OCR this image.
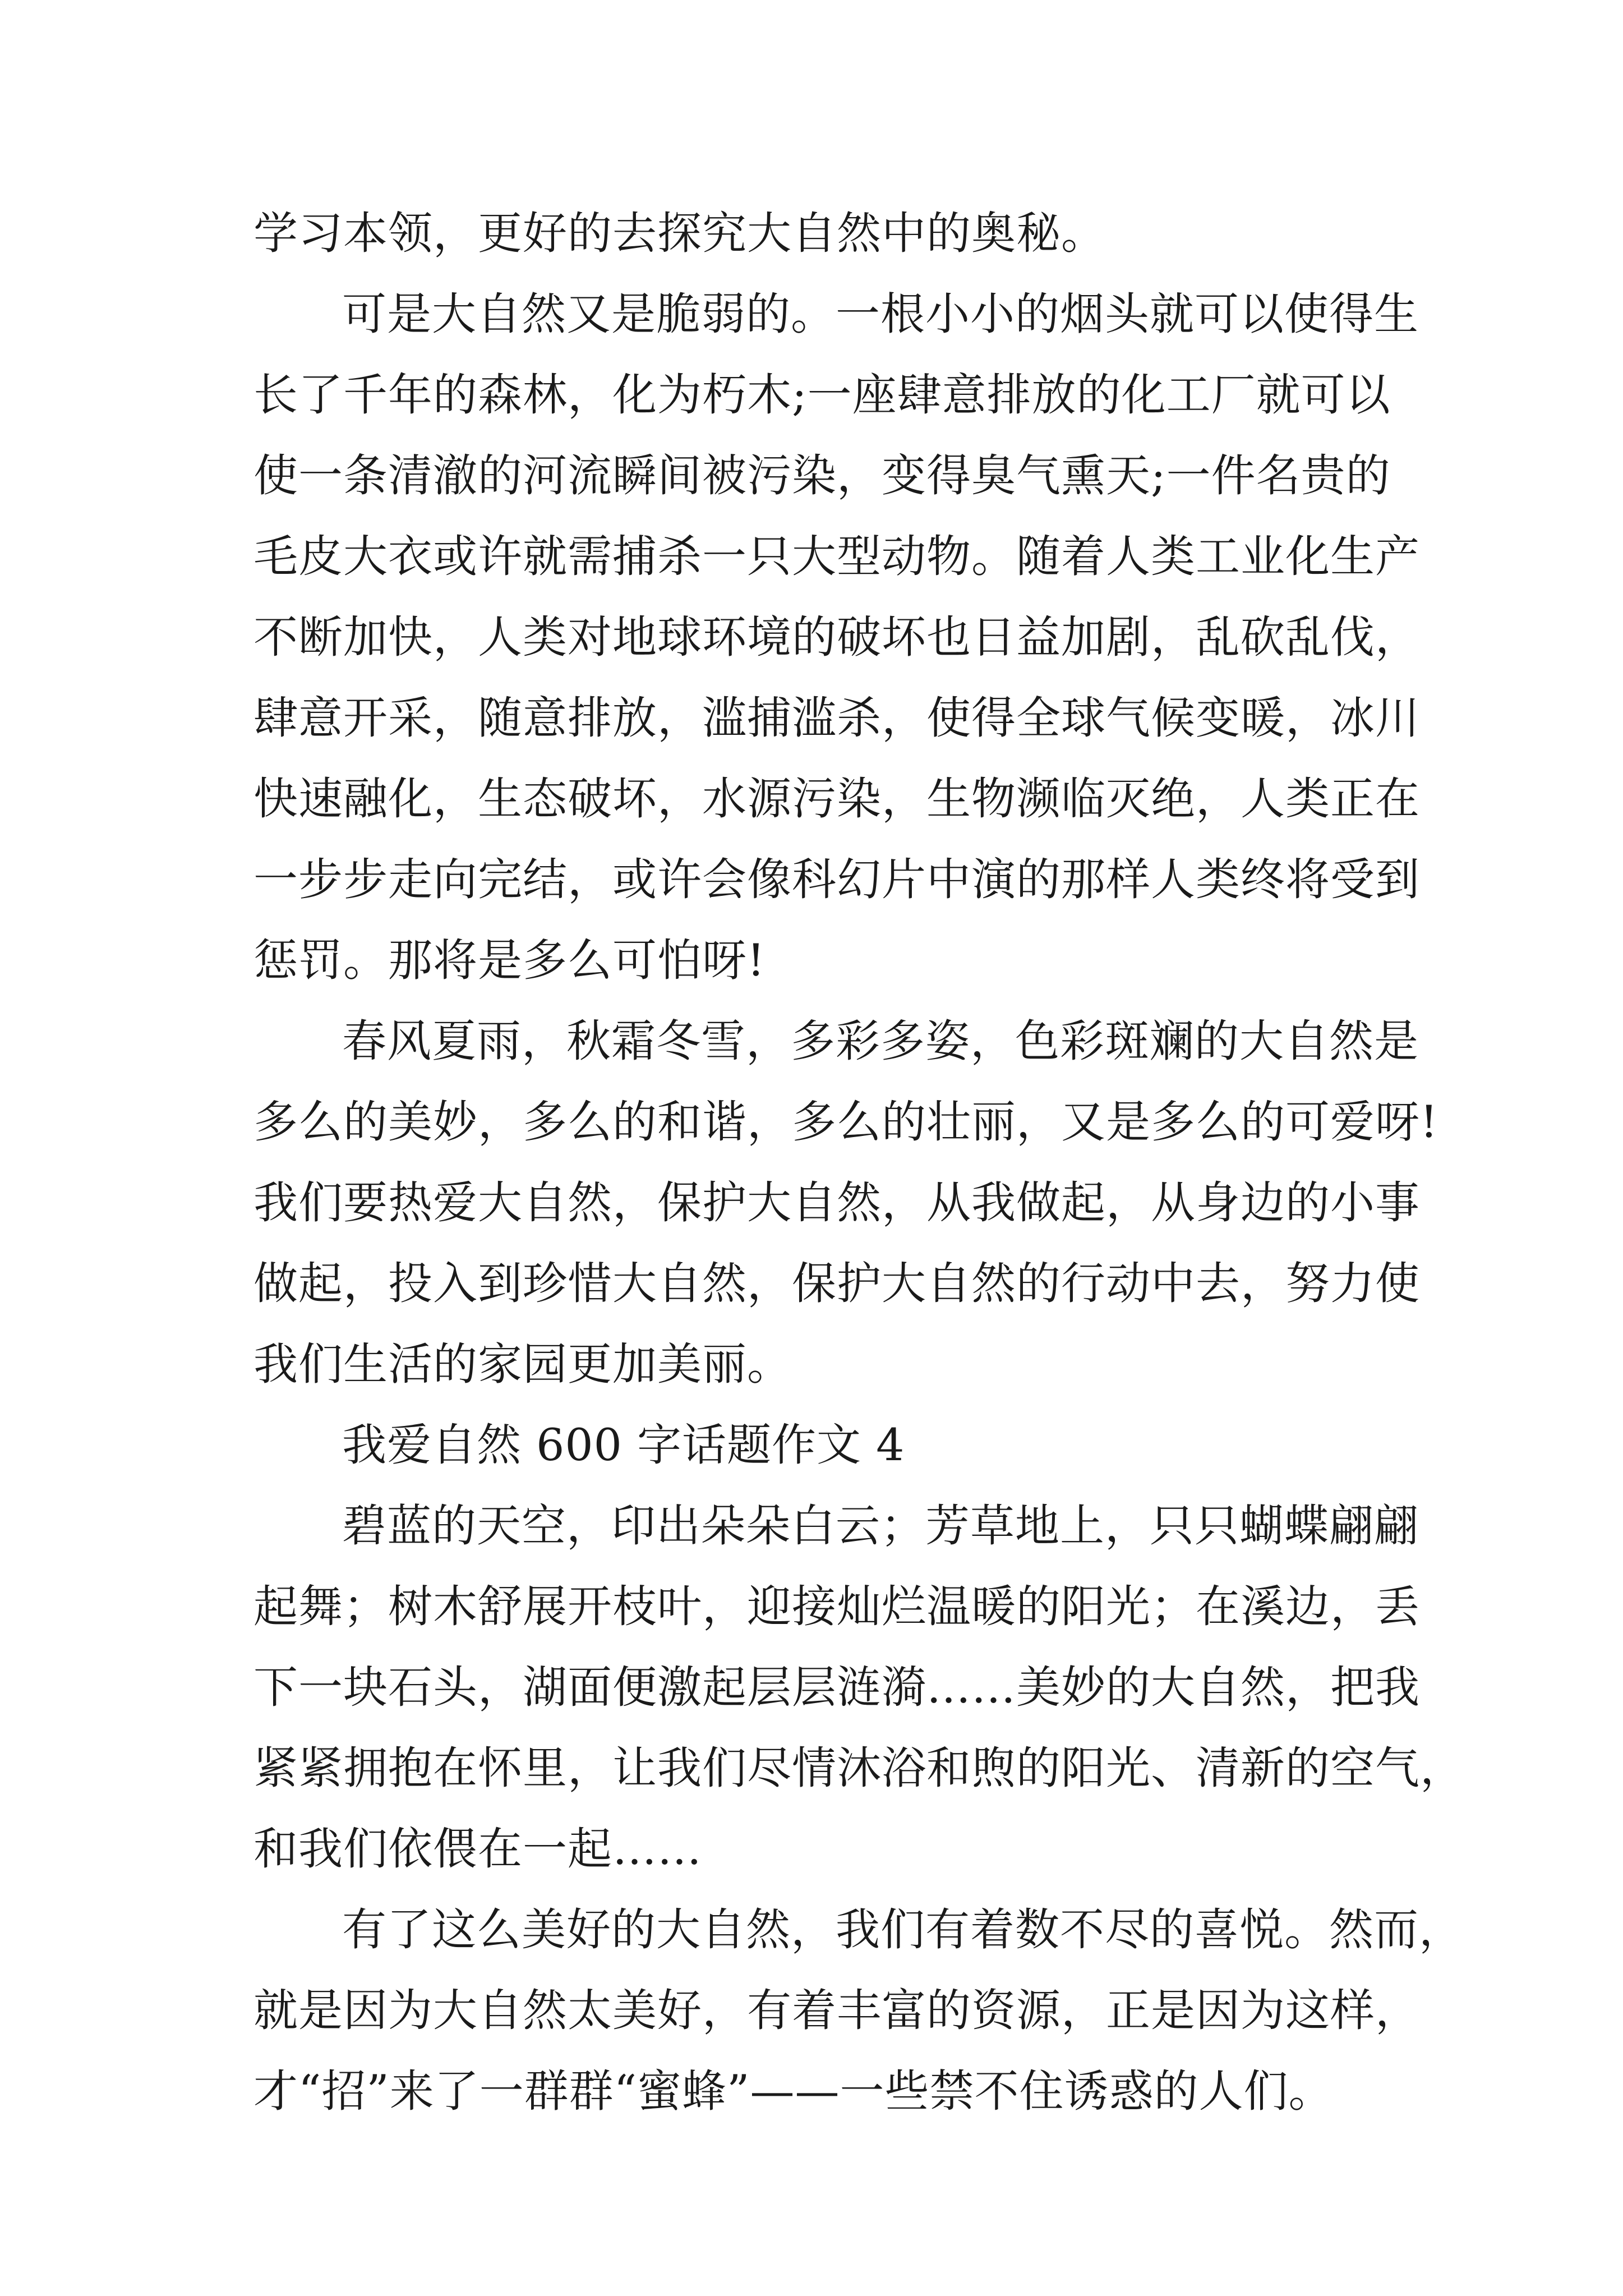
学习本领，更好的去探究大自然中的奥秘。
可是大自然又是脆弱的。一根小小的烟头就可以使得生
长了千年的森林，化为朽木;一座肆意排放的化工厂就可以
使一条清澈的河流瞬间被污染，变得臭气熏天;一件名贵的
毛皮大衣或许就需捕杀一只大型动物。随着人类工业化生产
不断加快，人类对地球环境的破坏也日益加剧，乱砍乱伐，
肆意开采，随意排放，滥捕滥杀，使得全球气候变暖，冰川
快速融化，生态破坏，水源污染，生物濒临灭绝，人类正在
一步步走向完结，或许会像科幻片中演的那样人类终将受到
惩罚。那将是多么可怕呀!
春风夏雨，秋霜冬雪，多彩多姿，色彩斑斓的大自然是
多么的美妙，多么的和谐，多么的壮丽，又是多么的可爱呀!
我们要热爱大自然，保护大自然，从我做起，从身边的小事
做起，投入到珍惜大自然，保护大自然的行动中去，努力使
我们生活的家园更加美丽。
我爱自然 600 字话题作文 4
碧蓝的天空，印出朵朵白云；芳草地上，只只蝴蝶翩翩
起舞；树木舒展开枝叶，迎接灿烂温暖的阳光；在溪边，丢
下一块石头，湖面便激起层层涟漪……美妙的大自然，把我
紧紧拥抱在怀里，让我们尽情沐浴和煦的阳光、清新的空气，
和我们依偎在一起……
有了这么美好的大自然，我们有着数不尽的喜悦。然而，
就是因为大自然太美好，有着丰富的资源，正是因为这样，
才“招”来了一群群“蜜蜂”——一些禁不住诱惑的人们。
